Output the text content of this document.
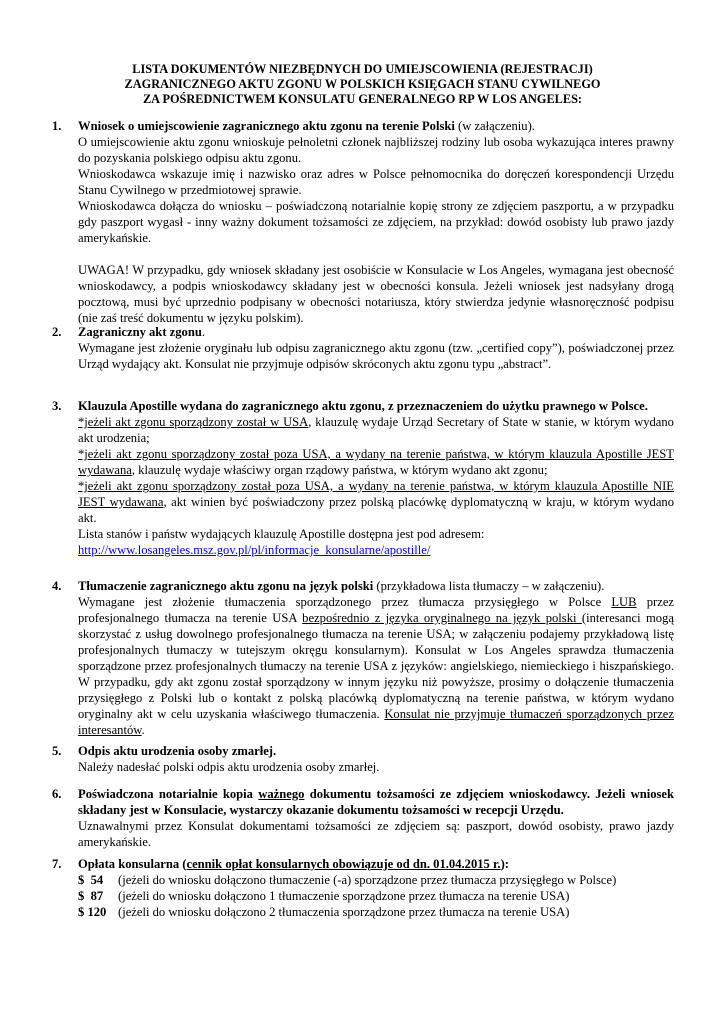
LISTA DOKUMENTÓW NIEZBĘDNYCH DO UMIEJSCOWIENIA (REJESTRACJI)
ZAGRANICZNEGO AKTU ZGONU W POLSKICH KSIĘGACH STANU CYWILNEGO
ZA POŚREDNICTWEM KONSULATU GENERALNEGO RP W LOS ANGELES:
1.	Wniosek o umiejscowienie zagranicznego aktu zgonu na terenie Polski (w załączeniu).

O umiejscowienie aktu zgonu wnioskuje pełnoletni członek najbliższej rodziny lub osoba wykazująca interes prawny do pozyskania polskiego odpisu aktu zgonu.

Wnioskodawca wskazuje imię i nazwisko oraz adres w Polsce pełnomocnika do doręczeń korespondencji Urzędu Stanu Cywilnego w przedmiotowej sprawie.

Wnioskodawca dołącza do wniosku – poświadczoną notarialnie kopię strony ze zdjęciem paszportu, a w przypadku gdy paszport wygasł - inny ważny dokument tożsamości ze zdjęciem, na przykład: dowód osobisty lub prawo jazdy amerykańskie.

UWAGA! W przypadku, gdy wniosek składany jest osobiście w Konsulacie w Los Angeles, wymagana jest obecność wnioskodawcy, a podpis wnioskodawcy składany jest w obecności konsula. Jeżeli wniosek jest nadsyłany drogą pocztową, musi być uprzednio podpisany w obecności notariusza, który stwierdza jedynie własnoręczność podpisu (nie zaś treść dokumentu w języku polskim).

2.	Zagraniczny akt zgonu.

Wymagane jest złożenie oryginału lub odpisu zagranicznego aktu zgonu (tzw. „certified copy”), poświadczonej przez Urząd wydający akt. Konsulat nie przyjmuje odpisów skróconych aktu zgonu typu „abstract”.

3.	Klauzula Apostille wydana do zagranicznego aktu zgonu, z przeznaczeniem do użytku prawnego w Polsce.

*jeżeli akt zgonu sporządzony został w USA, klauzulę wydaje Urząd Secretary of State w stanie, w którym wydano akt urodzenia;

*jeżeli akt zgonu sporządzony został poza USA, a wydany na terenie państwa, w którym klauzula Apostille JEST wydawana, klauzulę wydaje właściwy organ rządowy państwa, w którym wydano akt zgonu;

*jeżeli akt zgonu sporządzony został poza USA, a wydany na terenie państwa, w którym klauzula Apostille NIE JEST wydawana, akt winien być poświadczony przez polską placówkę dyplomatyczną w kraju, w którym wydano akt.

Lista stanów i państw wydających klauzulę Apostille dostępna jest pod adresem:

http://www.losangeles.msz.gov.pl/pl/informacje_konsularne/apostille/

4.	Tłumaczenie zagranicznego aktu zgonu na język polski (przykładowa lista tłumaczy – w załączeniu).

Wymagane jest złożenie tłumaczenia sporządzonego przez tłumacza przysięgłego w Polsce LUB przez profesjonalnego tłumacza na terenie USA bezpośrednio z języka oryginalnego na język polski (interesanci mogą skorzystać z usług dowolnego profesjonalnego tłumacza na terenie USA; w załączeniu podajemy przykładową listę profesjonalnych tłumaczy w tutejszym okręgu konsularnym). Konsulat w Los Angeles sprawdza tłumaczenia sporządzone przez profesjonalnych tłumaczy na terenie USA z języków: angielskiego, niemieckiego i hiszpańskiego. W przypadku, gdy akt zgonu został sporządzony w innym języku niż powyższe, prosimy o dołączenie tłumaczenia przysięgłego z Polski lub o kontakt z polską placówką dyplomatyczną na terenie państwa, w którym wydano oryginalny akt w celu uzyskania właściwego tłumaczenia. Konsulat nie przyjmuje tłumaczeń sporządzonych przez interesantów.

5.	Odpis aktu urodzenia osoby zmarłej.

Należy nadesłać polski odpis aktu urodzenia osoby zmarłej.

6.	Poświadczona notarialnie kopia ważnego dokumentu tożsamości ze zdjęciem wnioskodawcy. Jeżeli wniosek składany jest w Konsulacie, wystarczy okazanie dokumentu tożsamości w recepcji Urzędu.

Uznawalnymi przez Konsulat dokumentami tożsamości ze zdjęciem są: paszport, dowód osobisty, prawo jazdy amerykańskie.

7.	Opłata konsularna (cennik opłat konsularnych obowiązuje od dn. 01.04.2015 r.):

$  54 (jeżeli do wniosku dołączono tłumaczenie (-a) sporządzone przez tłumacza przysięgłego w Polsce)
$  87 (jeżeli do wniosku dołączono 1 tłumaczenie sporządzone przez tłumacza na terenie USA)
$ 120 (jeżeli do wniosku dołączono 2 tłumaczenia sporządzone przez tłumacza na terenie USA)
